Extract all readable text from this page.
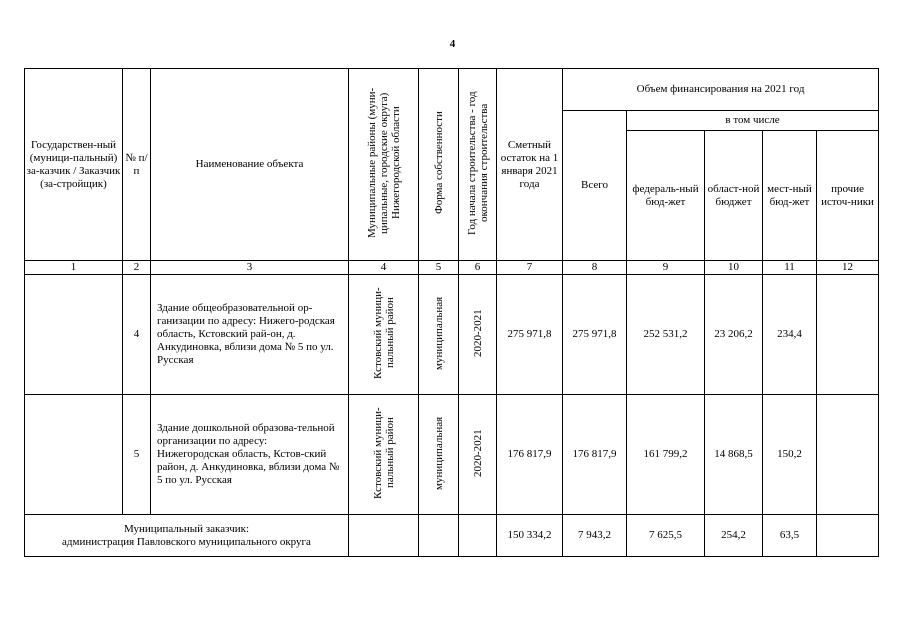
4
Государствен-ный (муници-пальный) за-казчик / Заказчик (за-стройщик)	№ п/п	Наименование объекта	Муниципальные районы (муни-ципальные, городские округа) Нижегородской области	Форма собственности	Год начала строительства - год окончания строительства	Сметный остаток на 1 января 2021 года	Объем финансирования на 2021 год				
							Всего	в том числе			
								федераль-ный бюд-жет	област-ной бюджет	мест-ный бюд-жет	прочие источ-ники
1	2	3	4	5	6	7	8	9	10	11	12
	4	Здание общеобразовательной ор-ганизации по адресу: Нижего-родская область, Кстовский рай-он, д. Анкудиновка, вблизи дома № 5 по ул. Русская	Кстовский муници-пальный район	муниципальная	2020-2021	275 971,8	275 971,8	252 531,2	23 206,2	234,4	
	5	Здание дошкольной образова-тельной организации по адресу: Нижегородская область, Кстов-ский район, д. Анкудиновка, вблизи дома № 5 по ул. Русская	Кстовский муници-пальный район	муниципальная	2020-2021	176 817,9	176 817,9	161 799,2	14 868,5	150,2	

Муниципальный заказчик:
администрация Павловского муниципального округа						150 334,2	7 943,2	7 625,5	254,2	63,5	
